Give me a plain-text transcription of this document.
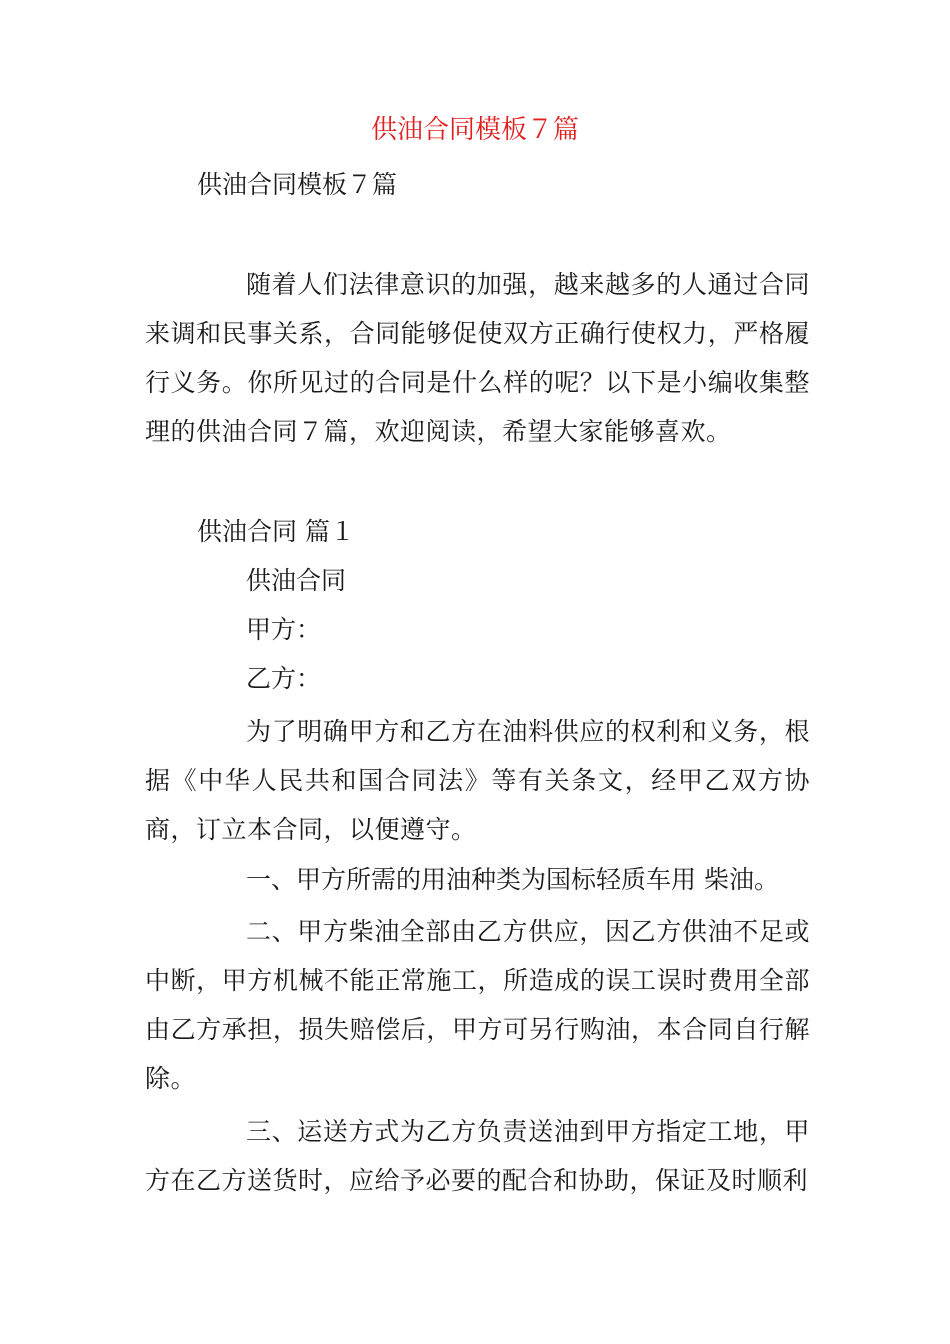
供油合同模板７篇

供油合同模板７篇

随着人们法律意识的加强，越来越多的人通过合同来调和民事关系，合同能够促使双方正确行使权力，严格履行义务。你所见过的合同是什么样的呢？以下是小编收集整理的供油合同７篇，欢迎阅读，希望大家能够喜欢。

供油合同 篇１

供油合同

甲方：

乙方：

为了明确甲方和乙方在油料供应的权利和义务，根据《中华人民共和国合同法》等有关条文，经甲乙双方协商，订立本合同，以便遵守。

一、甲方所需的用油种类为国标轻质车用 柴油。

二、甲方柴油全部由乙方供应，因乙方供油不足或中断，甲方机械不能正常施工，所造成的误工误时费用全部由乙方承担，损失赔偿后，甲方可另行购油，本合同自行解除。

三、运送方式为乙方负责送油到甲方指定工地，甲方在乙方送货时，应给予必要的配合和协助，保证及时顺利
